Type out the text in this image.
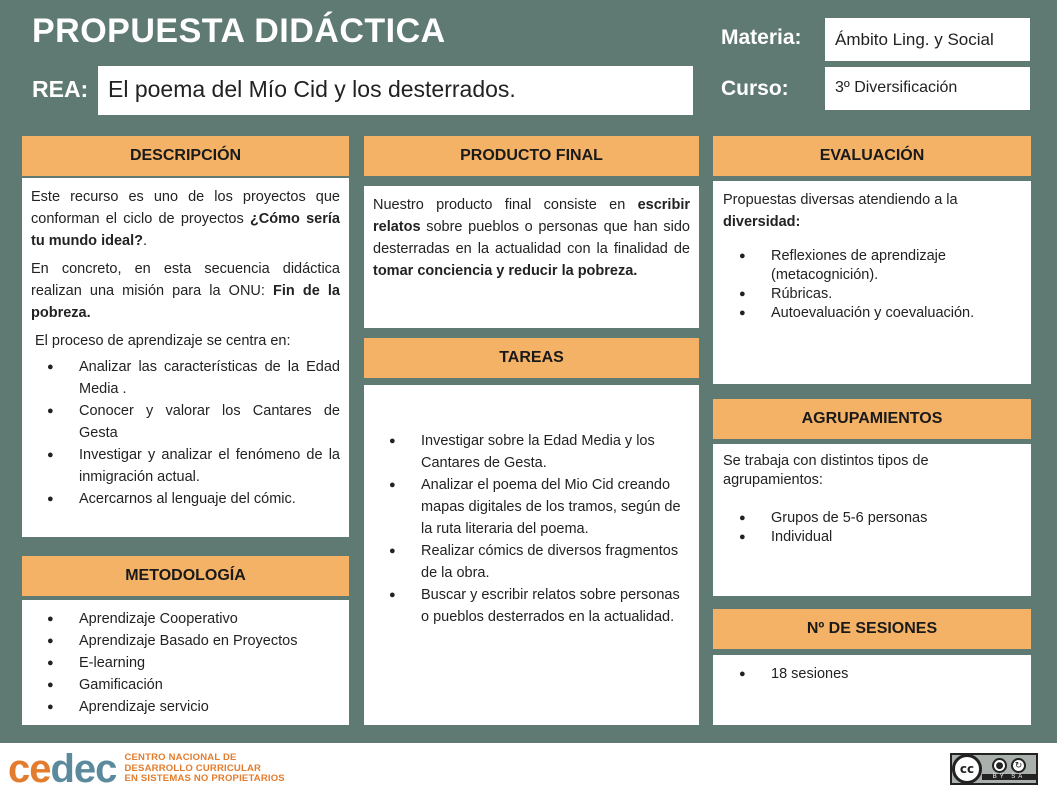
PROPUESTA DIDÁCTICA
REA: El poema del Mío Cid y los desterrados.
Materia:	Ámbito Ling. y Social
Curso:	3º Diversificación
DESCRIPCIÓN

Este recurso es uno de los proyectos que conforman el ciclo de proyectos ¿Cómo sería tu mundo ideal?.

En concreto, en esta secuencia didáctica realizan una misión para la ONU: Fin de la pobreza.

El proceso de aprendizaje se centra en:

● Analizar las características de la Edad Media .
● Conocer y valorar los Cantares de Gesta
● Investigar y analizar el fenómeno de la inmigración actual.
● Acercarnos al lenguaje del cómic.
METODOLOGÍA
● Aprendizaje Cooperativo
● Aprendizaje Basado en Proyectos
● E-learning
● Gamificación
● Aprendizaje servicio
PRODUCTO FINAL
Nuestro producto final consiste en escribir relatos sobre pueblos o personas que han sido desterradas en la actualidad con la finalidad de tomar conciencia y reducir la pobreza.
TAREAS
● Investigar sobre la Edad Media y los Cantares de Gesta.
● Analizar el poema del Mio Cid creando mapas digitales de los tramos, según de la ruta literaria del poema.
● Realizar cómics de diversos fragmentos de la obra.
● Buscar y escribir relatos sobre personas o pueblos desterrados en la actualidad.
EVALUACIÓN

Propuestas diversas atendiendo a la diversidad:

● Reflexiones de aprendizaje (metacognición).
● Rúbricas.
● Autoevaluación y coevaluación.
AGRUPAMIENTOS

Se trabaja con distintos tipos de agrupamientos:

● Grupos de 5-6 personas
● Individual
Nº DE SESIONES
● 18 sesiones
cedec CENTRO NACIONAL DE
DESARROLLO CURRICULAR
EN SISTEMAS NO PROPIETARIOS
cc	●	↻
BY SA
